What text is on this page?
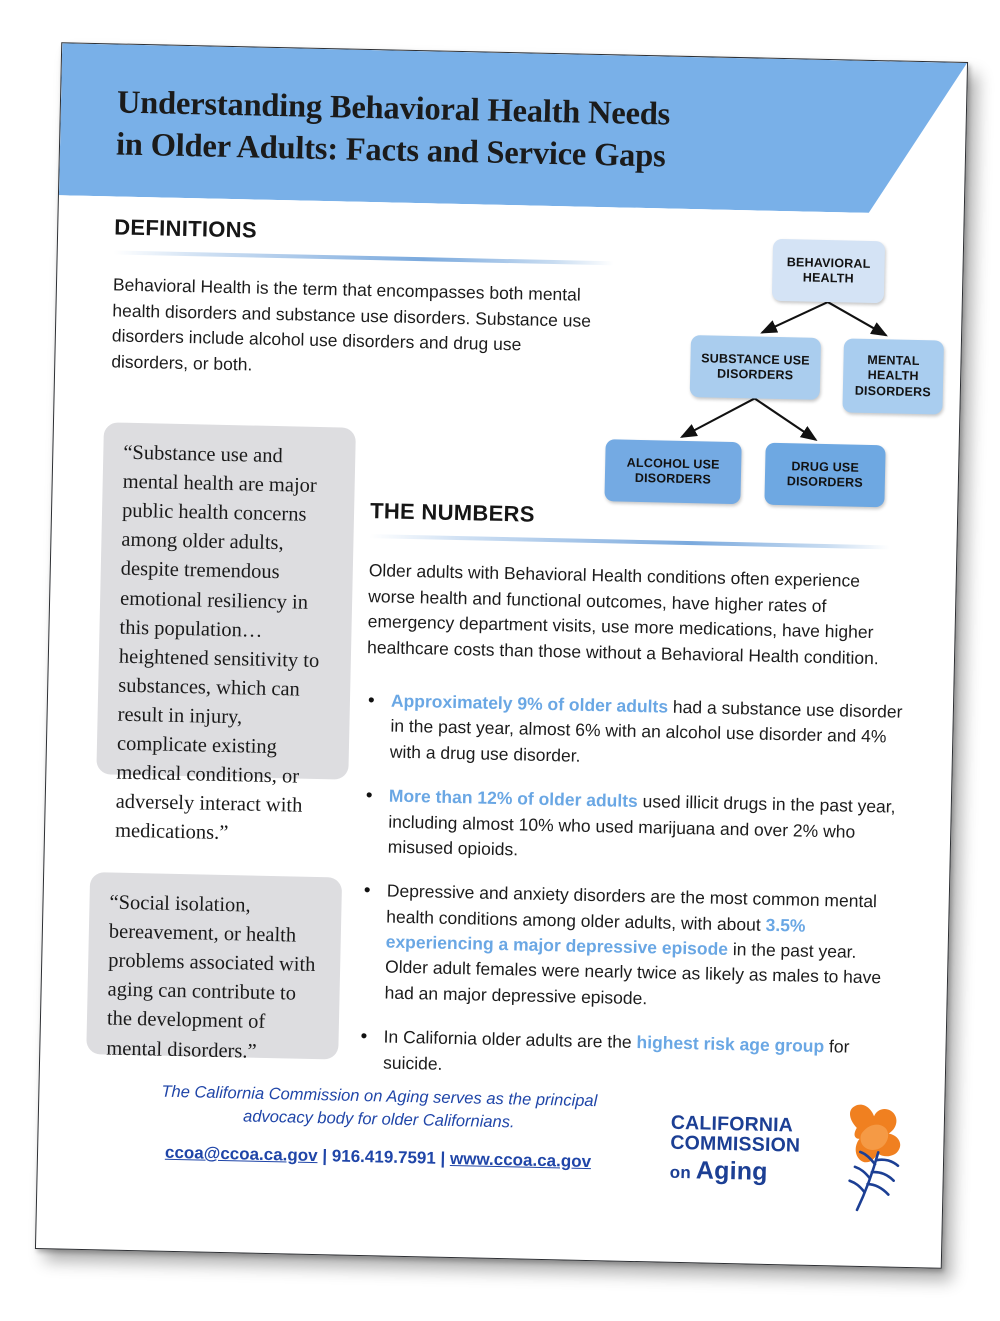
Understanding Behavioral Health Needs
in Older Adults: Facts and Service Gaps
DEFINITIONS
Behavioral Health is the term that encompasses both mental health disorders and substance use disorders. Substance use disorders include alcohol use disorders and drug use disorders, or both.
“Substance use and mental health are major public health concerns among older adults, despite tremendous emotional resiliency in this population… heightened sensitivity to substances, which can result in injury, complicate existing medical conditions, or adversely interact with medications.”
“Social isolation, bereavement, or health problems associated with aging can contribute to the development of mental disorders.”
BEHAVIORAL HEALTH
SUBSTANCE USE DISORDERS
MENTAL HEALTH DISORDERS
ALCOHOL USE DISORDERS
DRUG USE DISORDERS
THE NUMBERS
Older adults with Behavioral Health conditions often experience worse health and functional outcomes, have higher rates of emergency department visits, use more medications, have higher healthcare costs than those without a Behavioral Health condition.
• Approximately 9% of older adults had a substance use disorder in the past year, almost 6% with an alcohol use disorder and 4% with a drug use disorder.
• More than 12% of older adults used illicit drugs in the past year, including almost 10% who used marijuana and over 2% who misused opioids.
• Depressive and anxiety disorders are the most common mental health conditions among older adults, with about 3.5% experiencing a major depressive episode in the past year. Older adult females were nearly twice as likely as males to have had an major depressive episode.
• In California older adults are the highest risk age group for suicide.
The California Commission on Aging serves as the principal advocacy body for older Californians.
ccoa@ccoa.ca.gov | 916.419.7591 | www.ccoa.ca.gov
CALIFORNIA
COMMISSION
on Aging
